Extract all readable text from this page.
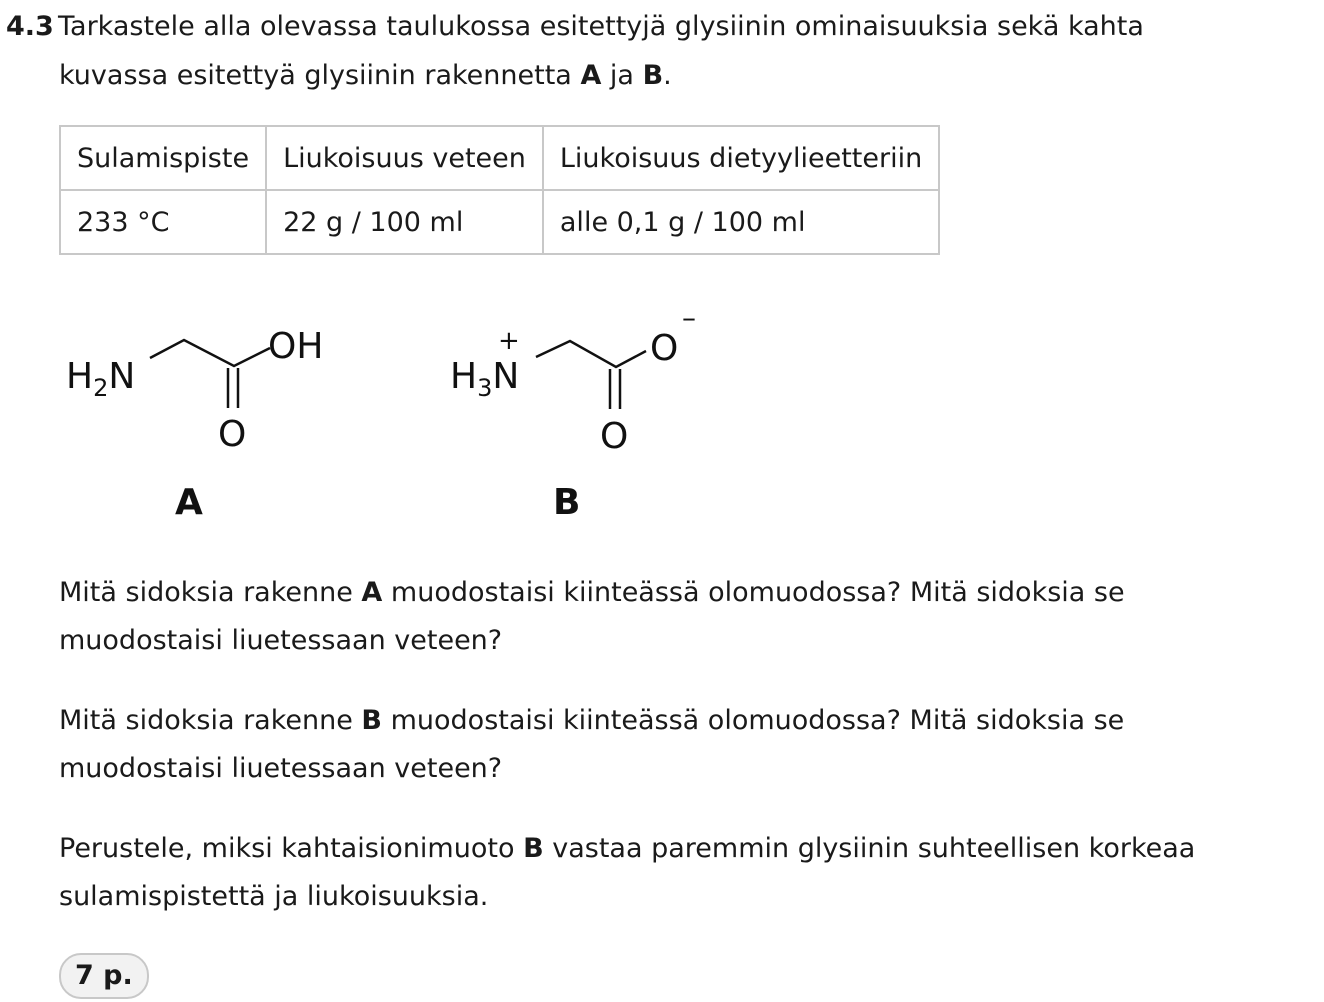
4.3 Tarkastele alla olevassa taulukossa esitettyjä glysiinin ominaisuuksia sekä kahta
kuvassa esitettyä glysiinin rakennetta A ja B.
Sulamispiste	Liukoisuus veteen	Liukoisuus dietyylieetteriin
233 °C	22 g / 100 ml	alle 0,1 g / 100 ml
$H_2N$
OH
O
A
+
$H_3N$
O
–
O
B
Mitä sidoksia rakenne A muodostaisi kiinteässä olomuodossa? Mitä sidoksia se
muodostaisi liuetessaan veteen?
Mitä sidoksia rakenne B muodostaisi kiinteässä olomuodossa? Mitä sidoksia se
muodostaisi liuetessaan veteen?
Perustele, miksi kahtaisionimuoto B vastaa paremmin glysiinin suhteellisen korkeaa
sulamispistettä ja liukoisuuksia.
7 p.
